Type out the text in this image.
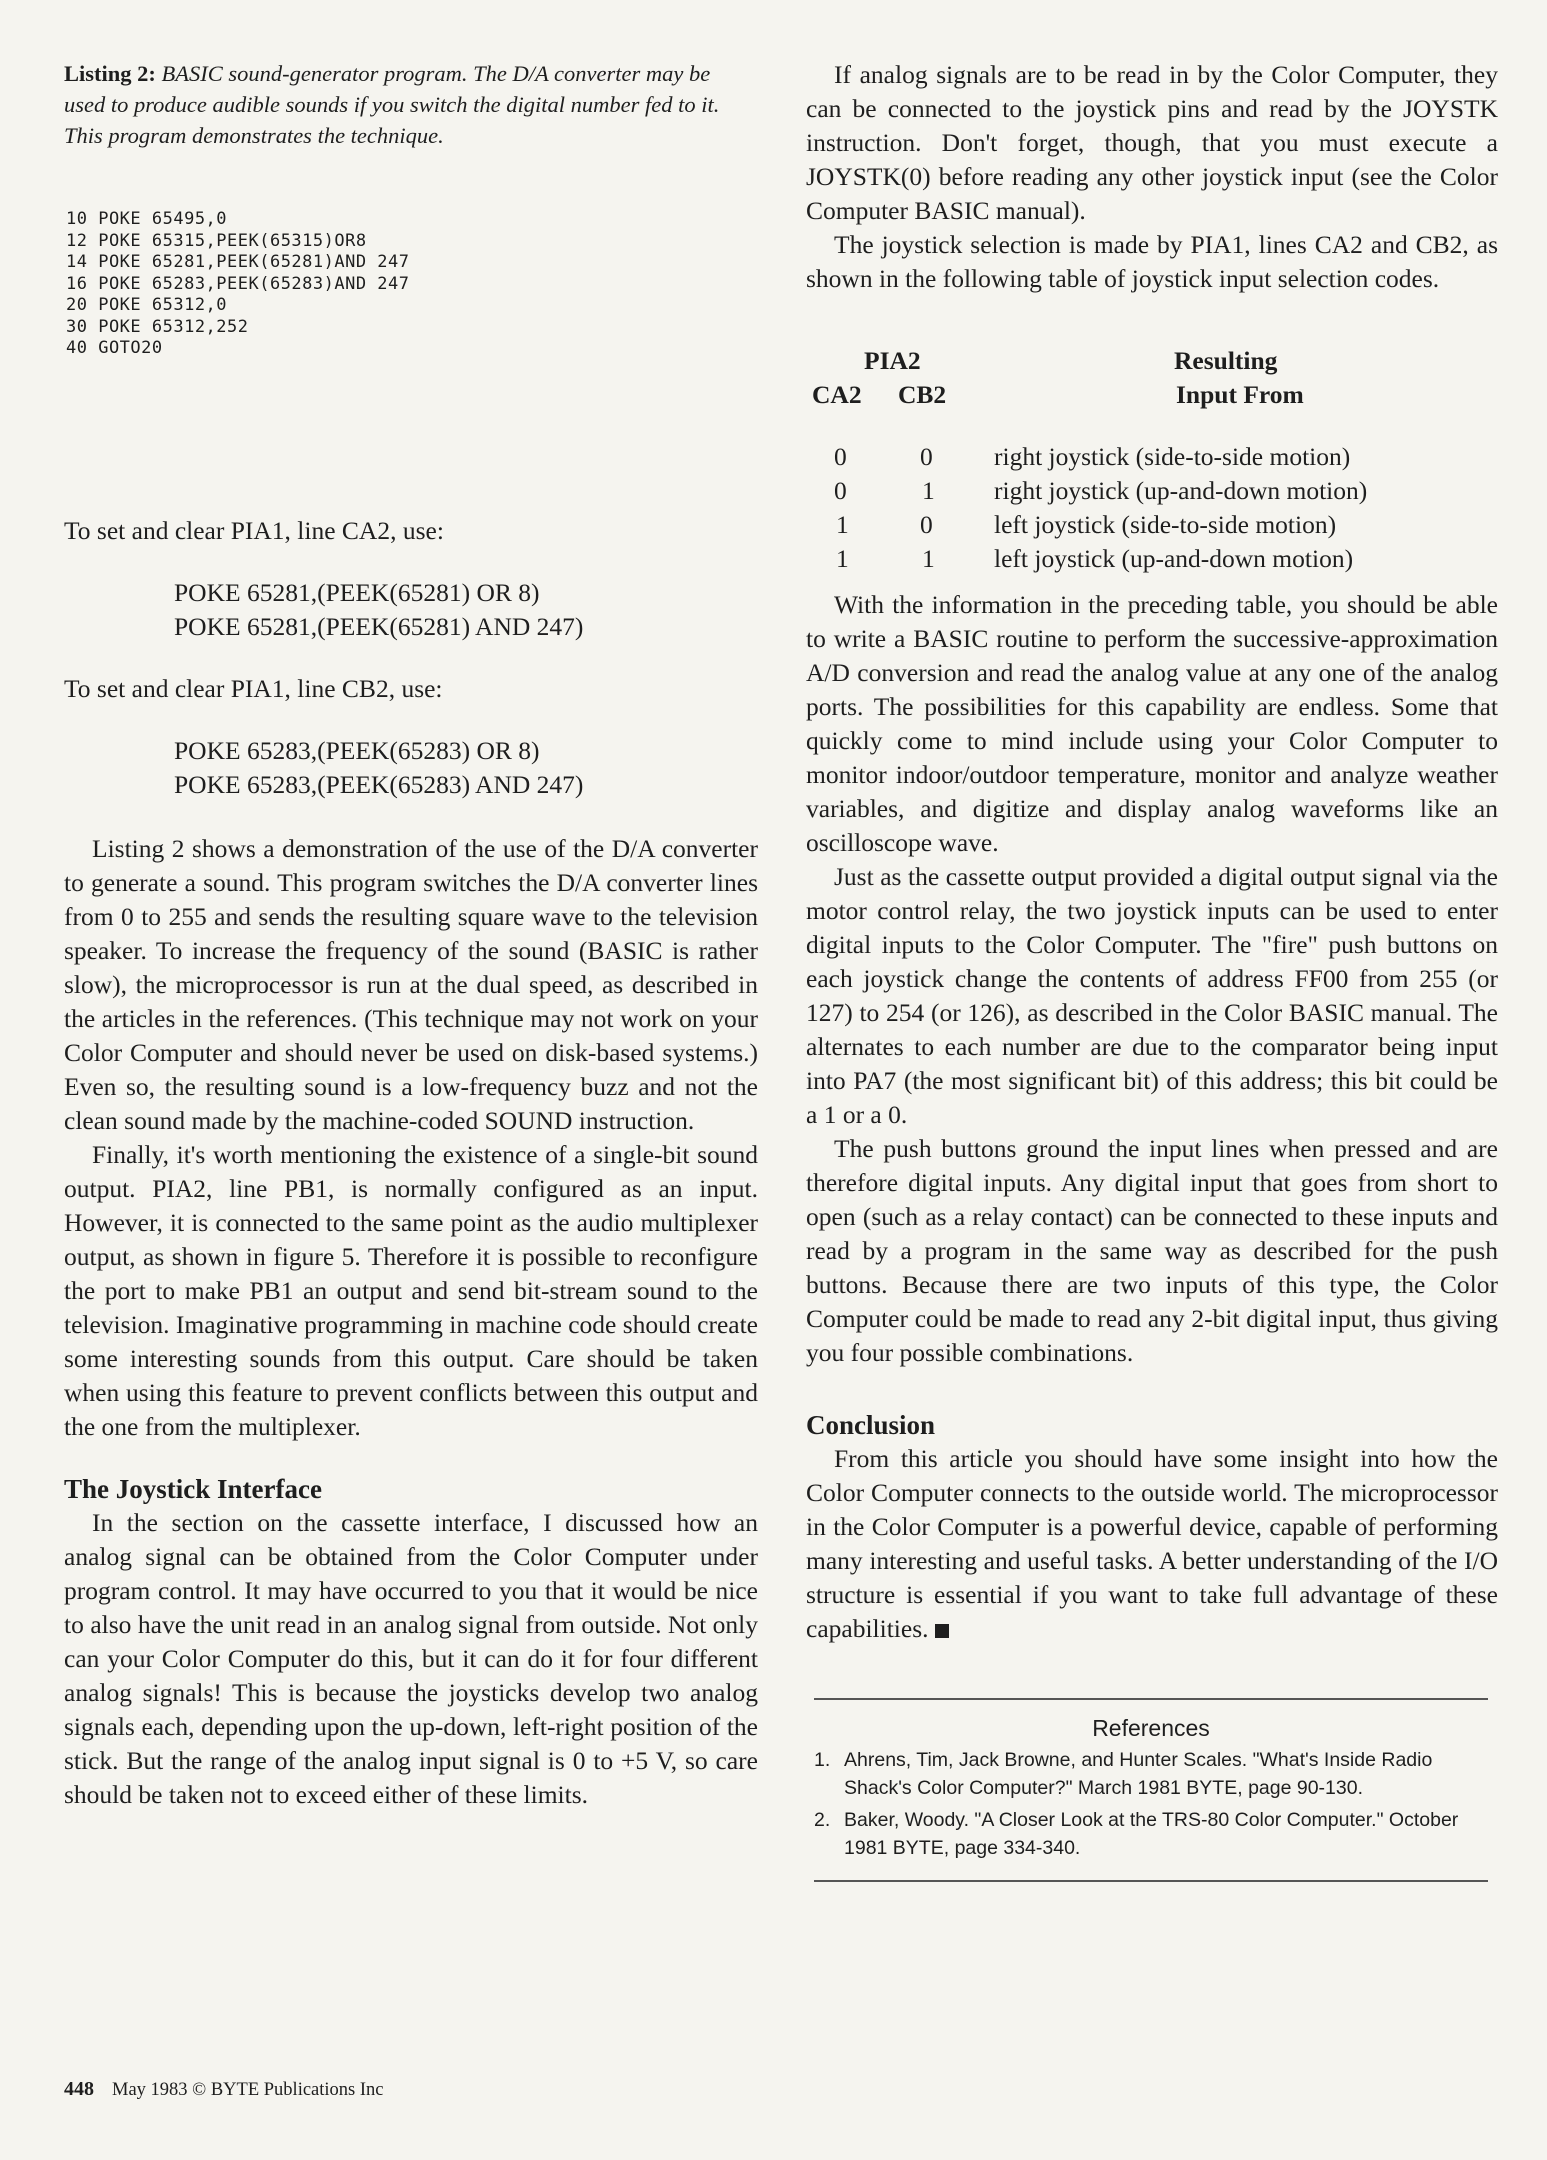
Listing 2: BASIC sound-generator program. The D/A converter may be used to produce audible sounds if you switch the digital number fed to it. This program demonstrates the technique.

10 POKE 65495,0
12 POKE 65315,PEEK(65315)OR8
14 POKE 65281,PEEK(65281)AND 247
16 POKE 65283,PEEK(65283)AND 247
20 POKE 65312,0
30 POKE 65312,252
40 GOTO20

To set and clear PIA1, line CA2, use:

POKE 65281,(PEEK(65281) OR 8)
POKE 65281,(PEEK(65281) AND 247)

To set and clear PIA1, line CB2, use:

POKE 65283,(PEEK(65283) OR 8)
POKE 65283,(PEEK(65283) AND 247)

Listing 2 shows a demonstration of the use of the D/A converter to generate a sound. This program switches the D/A converter lines from 0 to 255 and sends the resulting square wave to the television speaker. To increase the frequency of the sound (BASIC is rather slow), the microprocessor is run at the dual speed, as described in the articles in the references. (This technique may not work on your Color Computer and should never be used on disk-based systems.) Even so, the resulting sound is a low-frequency buzz and not the clean sound made by the machine-coded SOUND instruction.

Finally, it's worth mentioning the existence of a single-bit sound output. PIA2, line PB1, is normally configured as an input. However, it is connected to the same point as the audio multiplexer output, as shown in figure 5. Therefore it is possible to reconfigure the port to make PB1 an output and send bit-stream sound to the television. Imaginative programming in machine code should create some interesting sounds from this output. Care should be taken when using this feature to prevent conflicts between this output and the one from the multiplexer.

The Joystick Interface

In the section on the cassette interface, I discussed how an analog signal can be obtained from the Color Computer under program control. It may have occurred to you that it would be nice to also have the unit read in an analog signal from outside. Not only can your Color Computer do this, but it can do it for four different analog signals! This is because the joysticks develop two analog signals each, depending upon the up-down, left-right position of the stick. But the range of the analog input signal is 0 to +5 V, so care should be taken not to exceed either of these limits.

If analog signals are to be read in by the Color Computer, they can be connected to the joystick pins and read by the JOYSTK instruction. Don't forget, though, that you must execute a JOYSTK(0) before reading any other joystick input (see the Color Computer BASIC manual).

The joystick selection is made by PIA1, lines CA2 and CB2, as shown in the following table of joystick input selection codes.

PIA2
CA2 CB2
Resulting
Input From
0	0 right joystick (side-to-side motion)
0	1 right joystick (up-and-down motion)
1	0 left joystick (side-to-side motion)
1	1 left joystick (up-and-down motion)

With the information in the preceding table, you should be able to write a BASIC routine to perform the successive-approximation A/D conversion and read the analog value at any one of the analog ports. The possibilities for this capability are endless. Some that quickly come to mind include using your Color Computer to monitor indoor/outdoor temperature, monitor and analyze weather variables, and digitize and display analog waveforms like an oscilloscope wave.

Just as the cassette output provided a digital output signal via the motor control relay, the two joystick inputs can be used to enter digital inputs to the Color Computer. The "fire" push buttons on each joystick change the contents of address FF00 from 255 (or 127) to 254 (or 126), as described in the Color BASIC manual. The alternates to each number are due to the comparator being input into PA7 (the most significant bit) of this address; this bit could be a 1 or a 0.

The push buttons ground the input lines when pressed and are therefore digital inputs. Any digital input that goes from short to open (such as a relay contact) can be connected to these inputs and read by a program in the same way as described for the push buttons. Because there are two inputs of this type, the Color Computer could be made to read any 2-bit digital input, thus giving you four possible combinations.

Conclusion

From this article you should have some insight into how the Color Computer connects to the outside world. The microprocessor in the Color Computer is a powerful device, capable of performing many interesting and useful tasks. A better understanding of the I/O structure is essential if you want to take full advantage of these capabilities.

References
1. Ahrens, Tim, Jack Browne, and Hunter Scales. "What's Inside Radio Shack's Color Computer?" March 1981 BYTE, page 90-130.
2. Baker, Woody. "A Closer Look at the TRS-80 Color Computer." October 1981 BYTE, page 334-340.
448 May 1983 © BYTE Publications Inc
